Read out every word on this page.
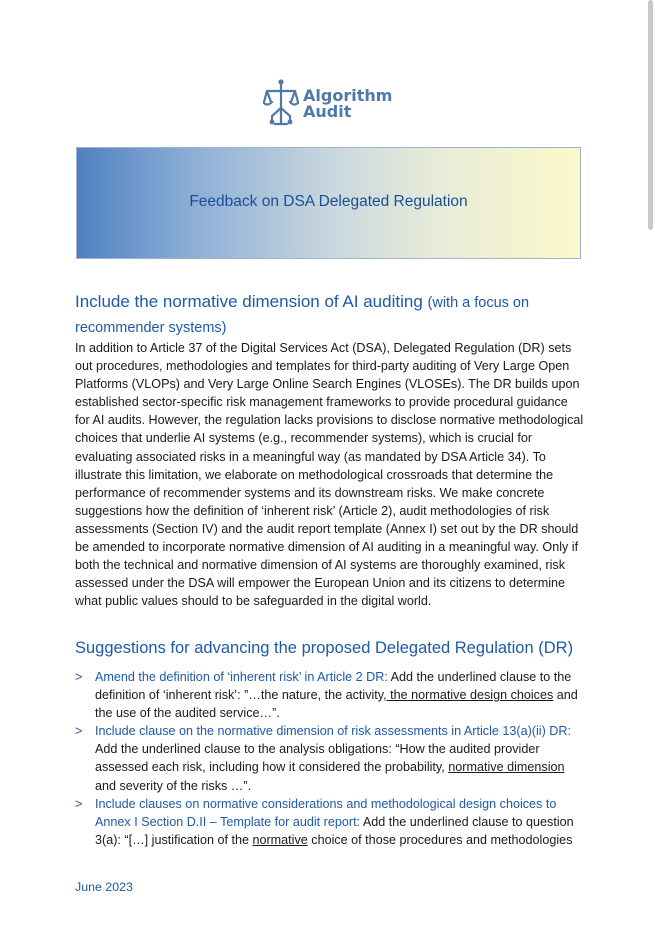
Algorithm
Audit
Feedback on DSA Delegated Regulation
Include the normative dimension of AI auditing (with a focus on recommender systems)

In addition to Article 37 of the Digital Services Act (DSA), Delegated Regulation (DR) sets out procedures, methodologies and templates for third-party auditing of Very Large Open Platforms (VLOPs) and Very Large Online Search Engines (VLOSEs). The DR builds upon established sector-specific risk management frameworks to provide procedural guidance for AI audits. However, the regulation lacks provisions to disclose normative methodological choices that underlie AI systems (e.g., recommender systems), which is crucial for evaluating associated risks in a meaningful way (as mandated by DSA Article 34). To illustrate this limitation, we elaborate on methodological crossroads that determine the performance of recommender systems and its downstream risks. We make concrete suggestions how the definition of ‘inherent risk’ (Article 2), audit methodologies of risk assessments (Section IV) and the audit report template (Annex I) set out by the DR should be amended to incorporate normative dimension of AI auditing in a meaningful way. Only if both the technical and normative dimension of AI systems are thoroughly examined, risk assessed under the DSA will empower the European Union and its citizens to determine what public values should to be safeguarded in the digital world.

Suggestions for advancing the proposed Delegated Regulation (DR)
> Amend the definition of ‘inherent risk’ in Article 2 DR: Add the underlined clause to the definition of ‘inherent risk’: ”…the nature, the activity, the normative design choices and the use of the audited service…”.
> Include clause on the normative dimension of risk assessments in Article 13(a)(ii) DR: Add the underlined clause to the analysis obligations: “How the audited provider assessed each risk, including how it considered the probability, normative dimension and severity of the risks …”.
> Include clauses on normative considerations and methodological design choices to Annex I Section D.II – Template for audit report: Add the underlined clause to question 3(a): “[…] justification of the normative choice of those procedures and methodologies
June 2023
